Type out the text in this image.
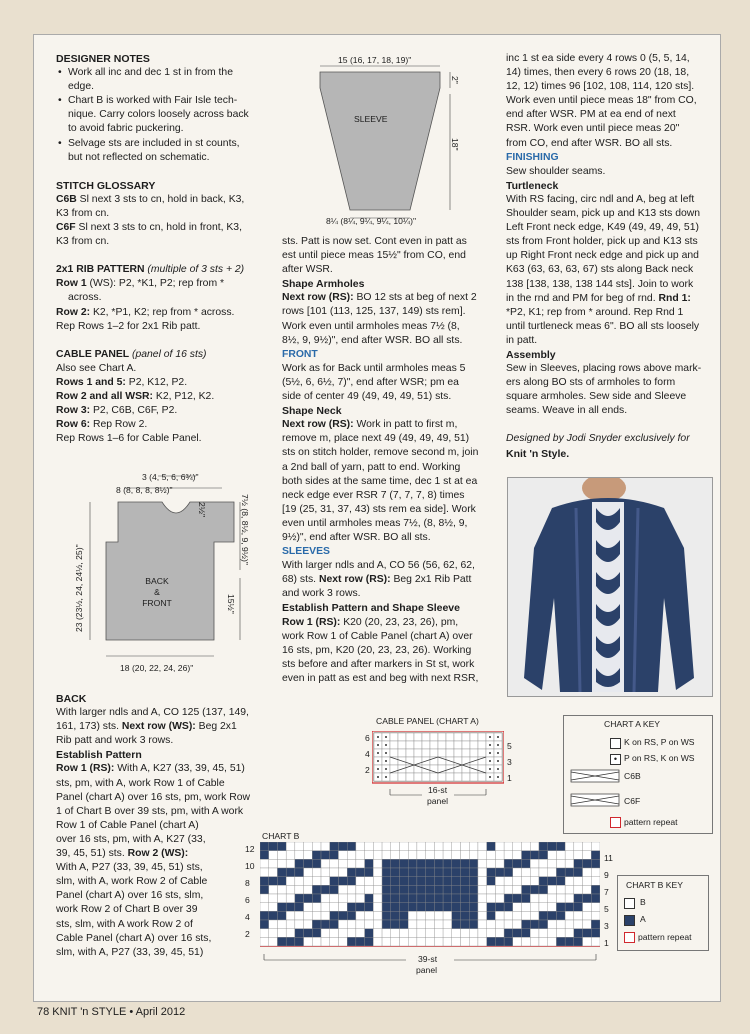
DESIGNER NOTES

• Work all inc and dec 1 st in from the

edge.

• Chart B is worked with Fair Isle tech-

nique. Carry colors loosely across back

to avoid fabric puckering.

• Selvage sts are included in st counts,

but not reflected on schematic.

STITCH GLOSSARY

C6B Sl next 3 sts to cn, hold in back, K3,

K3 from cn.

C6F Sl next 3 sts to cn, hold in front, K3,

K3 from cn.

2x1 RIB PATTERN (multiple of 3 sts + 2)

Row 1 (WS): P2, *K1, P2; rep from *

across.

Row 2: K2, *P1, K2; rep from * across.

Rep Rows 1–2 for 2x1 Rib patt.

CABLE PANEL (panel of 16 sts)

Also see Chart A.

Rows 1 and 5: P2, K12, P2.

Row 2 and all WSR: K2, P12, K2.

Row 3: P2, C6B, C6F, P2.

Row 6: Rep Row 2.

Rep Rows 1–6 for Cable Panel.

3 (4, 5, 6, 6¾)"
8 (8, 8, 8, 8½)"
2½"	7½ (8, 8½, 9, 9½)"
23 (23½, 24, 24½, 25)"	15½"
18 (20, 22, 24, 26)"
BACK
&
FRONT

BACK

With larger ndls and A, CO 125 (137, 149,

161, 173) sts. Next row (WS): Beg 2x1

Rib patt and work 3 rows.

Establish Pattern

Row 1 (RS): With A, K27 (33, 39, 45, 51)

sts, pm, with A, work Row 1 of Cable

Panel (chart A) over 16 sts, pm, work Row

1 of Chart B over 39 sts, pm, with A work

Row 1 of Cable Panel (chart A)

over 16 sts, pm, with A, K27 (33,

39, 45, 51) sts. Row 2 (WS):

With A, P27 (33, 39, 45, 51) sts,

slm, with A, work Row 2 of Cable

Panel (chart A) over 16 sts, slm,

work Row 2 of Chart B over 39

sts, slm, with A work Row 2 of

Cable Panel (chart A) over 16 sts,

slm, with A, P27 (33, 39, 45, 51)

15 (16, 17, 18, 19)"
2"
18"
SLEEVE
8¼ (8¼, 9¼, 9¼, 10¼)"

sts. Patt is now set. Cont even in patt as

est until piece meas 15½" from CO, end

after WSR.

Shape Armholes

Next row (RS): BO 12 sts at beg of next 2

rows [101 (113, 125, 137, 149) sts rem].

Work even until armholes meas 7½ (8,

8½, 9, 9½)", end after WSR. BO all sts.

FRONT

Work as for Back until armholes meas 5

(5½, 6, 6½, 7)", end after WSR; pm ea

side of center 49 (49, 49, 49, 51) sts.

Shape Neck

Next row (RS): Work in patt to first m,

remove m, place next 49 (49, 49, 49, 51)

sts on stitch holder, remove second m, join

a 2nd ball of yarn, patt to end. Working

both sides at the same time, dec 1 st at ea

neck edge ever RSR 7 (7, 7, 7, 8) times

[19 (25, 31, 37, 43) sts rem ea side]. Work

even until armholes meas 7½, (8, 8½, 9,

9½)", end after WSR. BO all sts.

SLEEVES

With larger ndls and A, CO 56 (56, 62, 62,

68) sts. Next row (RS): Beg 2x1 Rib Patt

and work 3 rows.

Establish Pattern and Shape Sleeve

Row 1 (RS): K20 (20, 23, 23, 26), pm,

work Row 1 of Cable Panel (chart A) over

16 sts, pm, K20 (20, 23, 23, 26). Working

sts before and after markers in St st, work

even in patt as est and beg with next RSR,

inc 1 st ea side every 4 rows 0 (5, 5, 14,

14) times, then every 6 rows 20 (18, 18,

12, 12) times 96 [102, 108, 114, 120 sts].

Work even until piece meas 18" from CO,

end after WSR. PM at ea end of next

RSR. Work even until piece meas 20"

from CO, end after WSR. BO all sts.

FINISHING

Sew shoulder seams.

Turtleneck

With RS facing, circ ndl and A, beg at left

Shoulder seam, pick up and K13 sts down

Left Front neck edge, K49 (49, 49, 49, 51)

sts from Front holder, pick up and K13 sts

up Right Front neck edge and pick up and

K63 (63, 63, 63, 67) sts along Back neck

138 [138, 138, 138 144 sts]. Join to work

in the rnd and PM for beg of rnd. Rnd 1:

*P2, K1; rep from * around. Rep Rnd 1

until turtleneck meas 6". BO all sts loosely

in patt.

Assembly

Sew in Sleeves, placing rows above mark-

ers along BO sts of armholes to form

square armholes. Sew side and Sleeve

seams. Weave in all ends.

Designed by Jodi Snyder exclusively for

Knit 'n Style.

CABLE PANEL (CHART A)
6
4
2
5
3
1
16-st
panel
CHART A KEY
K on RS, P on WS
• P on RS, K on WS
C6B
C6F
pattern repeat
CHART B
12
10
8
6
4
2
11
9
7
5
3
1
39-st
panel
CHART B KEY
B
A
pattern repeat
78 KNIT 'n STYLE • April 2012
